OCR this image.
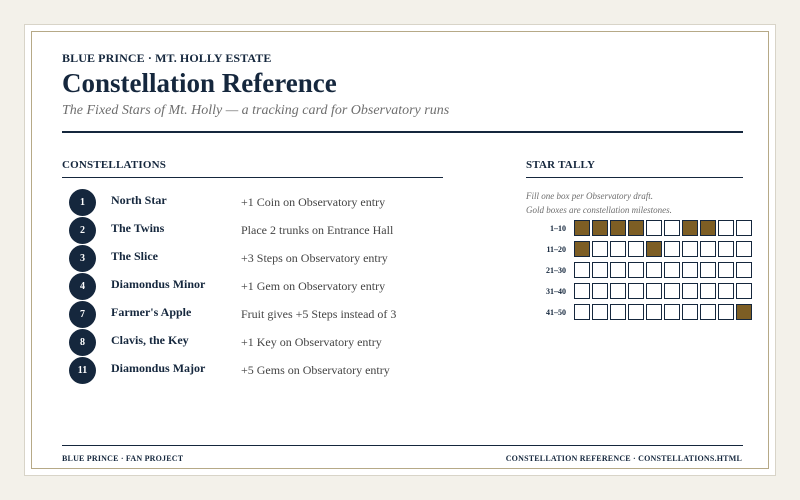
BLUE PRINCE · MT. HOLLY ESTATE
Constellation Reference
The Fixed Stars of Mt. Holly — a tracking card for Observatory runs
CONSTELLATIONS
1	North Star	+1 Coin on Observatory entry
2	The Twins	Place 2 trunks on Entrance Hall
3	The Slice	+3 Steps on Observatory entry
4	Diamondus Minor	+1 Gem on Observatory entry
7	Farmer's Apple	Fruit gives +5 Steps instead of 3
8	Clavis, the Key	+1 Key on Observatory entry
11	Diamondus Major	+5 Gems on Observatory entry
STAR TALLY
Fill one box per Observatory draft.
Gold boxes are constellation milestones.
1–10
11–20
21–30
31–40
41–50
BLUE PRINCE · FAN PROJECT	CONSTELLATION REFERENCE · CONSTELLATIONS.HTML
